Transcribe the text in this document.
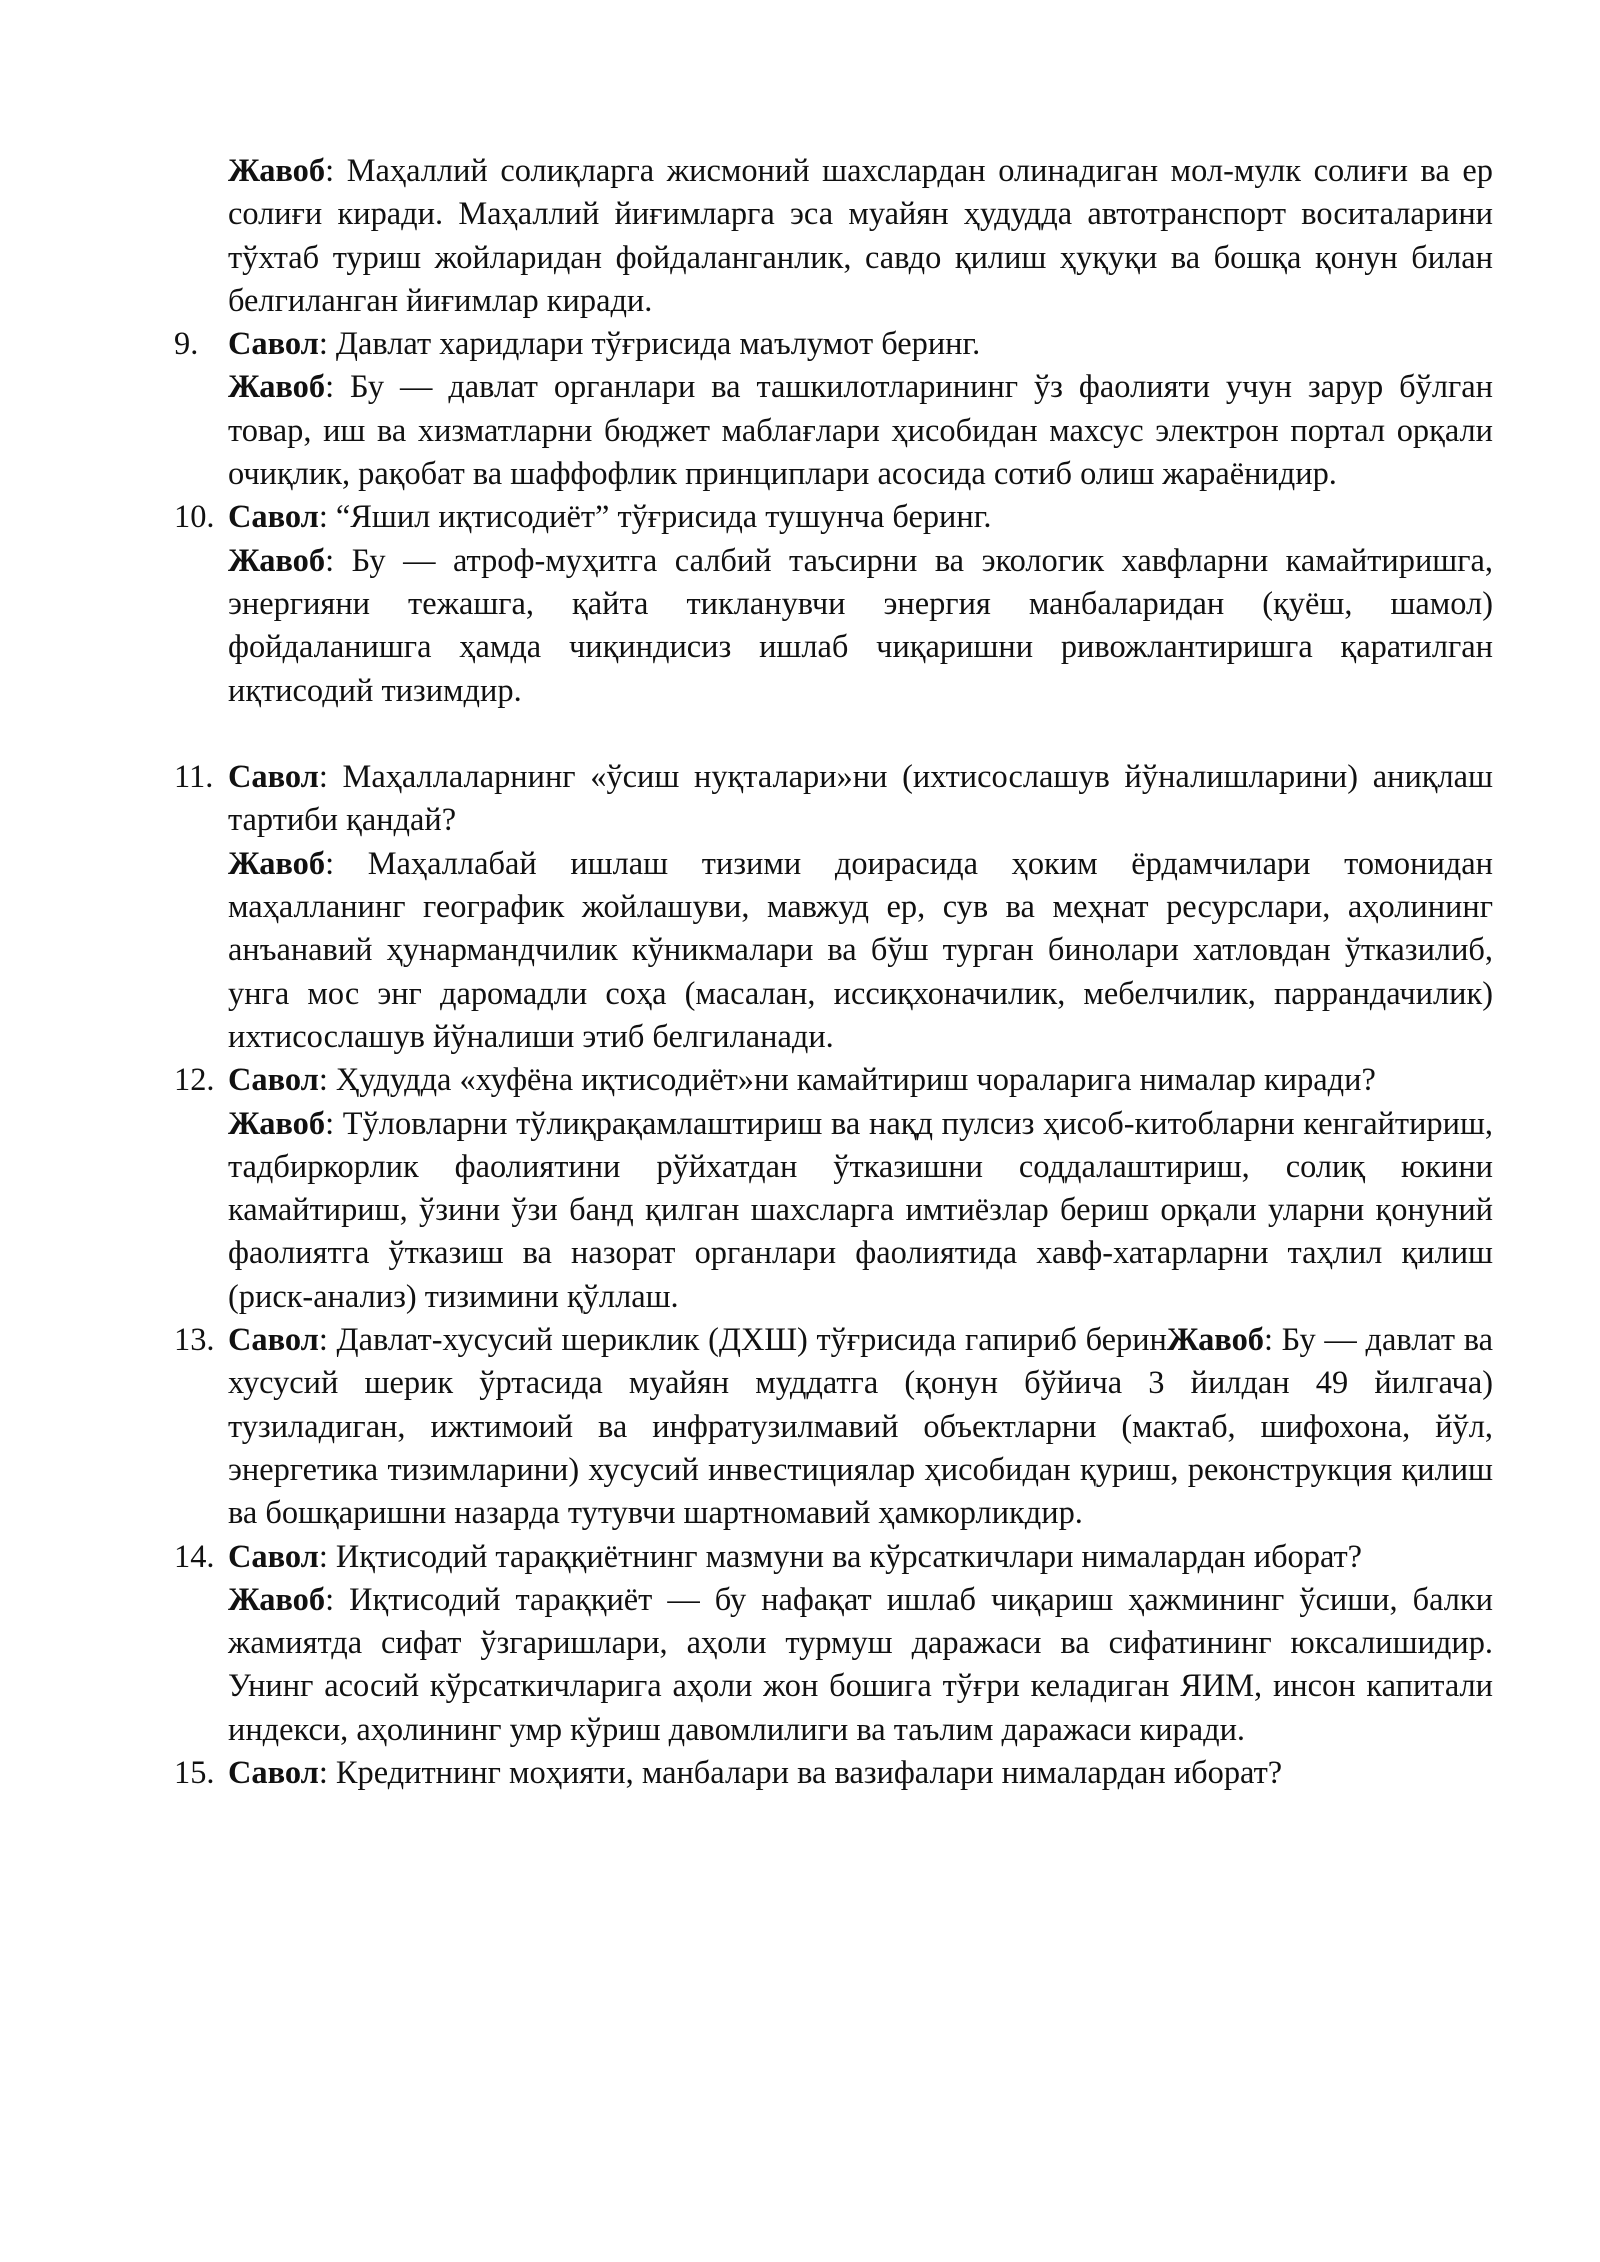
Жавоб: Маҳаллий солиқларга жисмоний шахслардан олинадиган мол-мулк солиғи ва ер солиғи киради. Маҳаллий йиғимларга эса муайян ҳудудда автотранспорт воситаларини тўхтаб туриш жойларидан фойдаланганлик, савдо қилиш ҳуқуқи ва бошқа қонун билан белгиланган йиғимлар киради.

9. Савол: Давлат харидлари тўғрисида маълумот беринг.

Жавоб: Бу — давлат органлари ва ташкилотларининг ўз фаолияти учун зарур бўлган товар, иш ва хизматларни бюджет маблағлари ҳисобидан махсус электрон портал орқали очиқлик, рақобат ва шаффофлик принциплари асосида сотиб олиш жараёнидир.

10. Савол: “Яшил иқтисодиёт” тўғрисида тушунча беринг.

Жавоб: Бу — атроф-муҳитга салбий таъсирни ва экологик хавфларни камайтиришга, энергияни тежашга, қайта тикланувчи энергия манбаларидан (қуёш, шамол) фойдаланишга ҳамда чиқиндисиз ишлаб чиқаришни ривожлантиришга қаратилган иқтисодий тизимдир.

11. Савол: Маҳаллаларнинг «ўсиш нуқталари»ни (ихтисослашув йўналишларини) аниқлаш тартиби қандай?

Жавоб: Маҳаллабай ишлаш тизими доирасида ҳоким ёрдамчилари томонидан маҳалланинг географик жойлашуви, мавжуд ер, сув ва меҳнат ресурслари, аҳолининг анъанавий ҳунармандчилик кўникмалари ва бўш турган бинолари хатловдан ўтказилиб, унга мос энг даромадли соҳа (масалан, иссиқхоначилик, мебелчилик, паррандачилик) ихтисослашув йўналиши этиб белгиланади.

12. Савол: Ҳудудда «хуфёна иқтисодиёт»ни камайтириш чораларига нималар киради?

Жавоб: Тўловларни тўлиқрақамлаштириш ва нақд пулсиз ҳисоб-китобларни кенгайтириш, тадбиркорлик фаолиятини рўйхатдан ўтказишни соддалаштириш, солиқ юкини камайтириш, ўзини ўзи банд қилган шахсларга имтиёзлар бериш орқали уларни қонуний фаолиятга ўтказиш ва назорат органлари фаолиятида хавф-хатарларни таҳлил қилиш (риск-анализ) тизимини қўллаш.

13. Савол: Давлат-хусусий шериклик (ДХШ) тўғрисида гапириб беринЖавоб: Бу — давлат ва хусусий шерик ўртасида муайян муддатга (қонун бўйича 3 йилдан 49 йилгача) тузиладиган, ижтимоий ва инфратузилмавий объектларни (мактаб, шифохона, йўл, энергетика тизимларини) хусусий инвестициялар ҳисобидан қуриш, реконструкция қилиш ва бошқаришни назарда тутувчи шартномавий ҳамкорликдир.

14. Савол: Иқтисодий тараққиётнинг мазмуни ва кўрсаткичлари нималардан иборат?

Жавоб: Иқтисодий тараққиёт — бу нафақат ишлаб чиқариш ҳажмининг ўсиши, балки жамиятда сифат ўзгаришлари, аҳоли турмуш даражаси ва сифатининг юксалишидир. Унинг асосий кўрсаткичларига аҳоли жон бошига тўғри келадиган ЯИМ, инсон капитали индекси, аҳолининг умр кўриш давомлилиги ва таълим даражаси киради.

15. Савол: Кредитнинг моҳияти, манбалари ва вазифалари нималардан иборат?
